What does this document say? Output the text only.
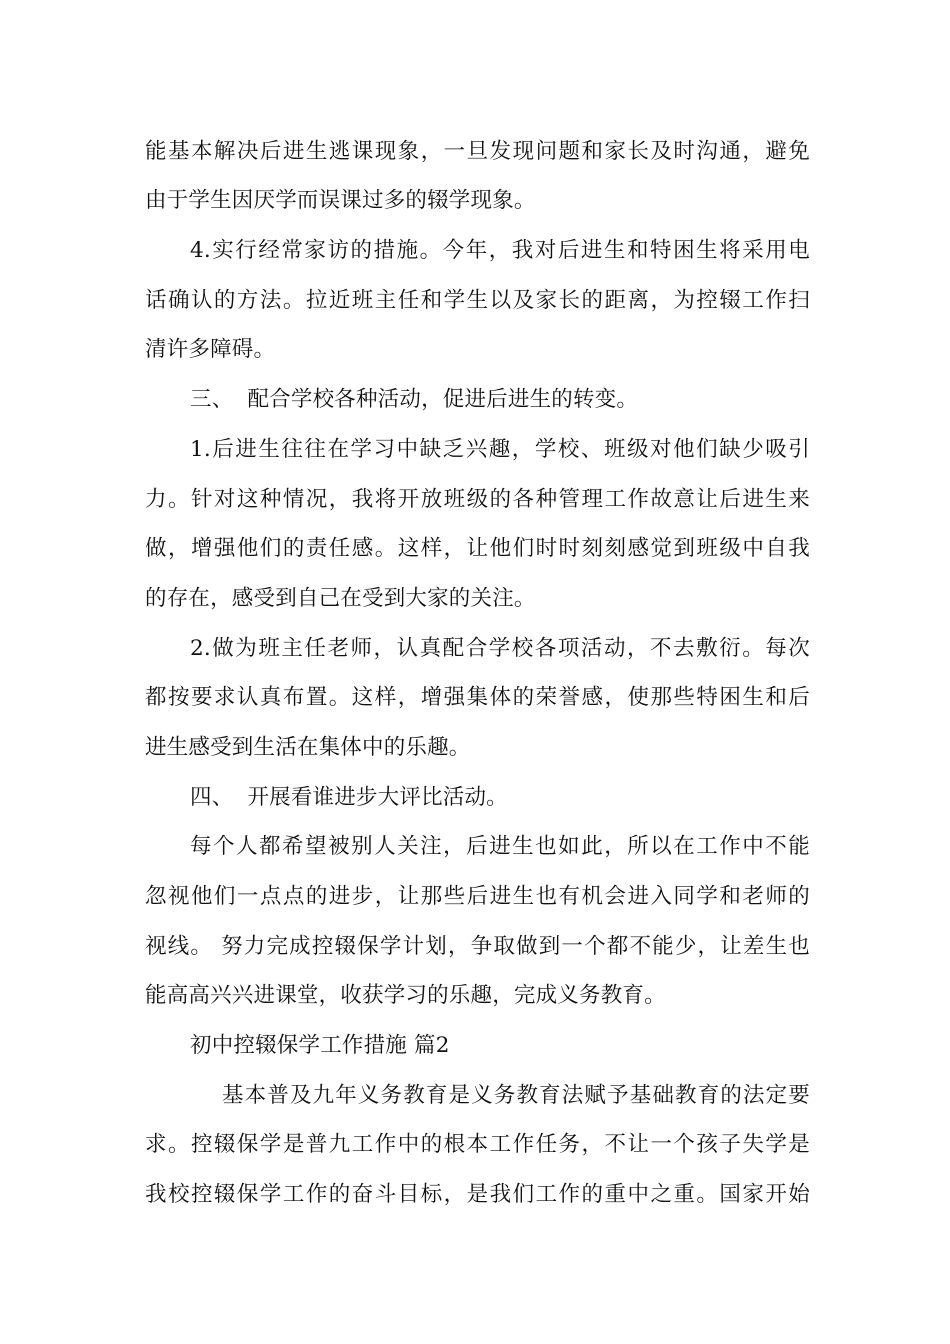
能基本解决后进生逃课现象，一旦发现问题和家长及时沟通，避免
由于学生因厌学而误课过多的辍学现象。
4.实行经常家访的措施。今年，我对后进生和特困生将采用电
话确认的方法。拉近班主任和学生以及家长的距离，为控辍工作扫
清许多障碍。
三、  配合学校各种活动，促进后进生的转变。
1.后进生往往在学习中缺乏兴趣，学校、班级对他们缺少吸引
力。针对这种情况，我将开放班级的各种管理工作故意让后进生来
做，增强他们的责任感。这样，让他们时时刻刻感觉到班级中自我
的存在，感受到自己在受到大家的关注。
2.做为班主任老师，认真配合学校各项活动，不去敷衍。每次
都按要求认真布置。这样，增强集体的荣誉感，使那些特困生和后
进生感受到生活在集体中的乐趣。
四、  开展看谁进步大评比活动。
每个人都希望被别人关注，后进生也如此，所以在工作中不能
忽视他们一点点的进步，让那些后进生也有机会进入同学和老师的
视线。 努力完成控辍保学计划，争取做到一个都不能少，让差生也
能高高兴兴进课堂，收获学习的乐趣，完成义务教育。
初中控辍保学工作措施 篇2
基本普及九年义务教育是义务教育法赋予基础教育的法定要
求。控辍保学是普九工作中的根本工作任务，不让一个孩子失学是
我校控辍保学工作的奋斗目标，是我们工作的重中之重。国家开始
